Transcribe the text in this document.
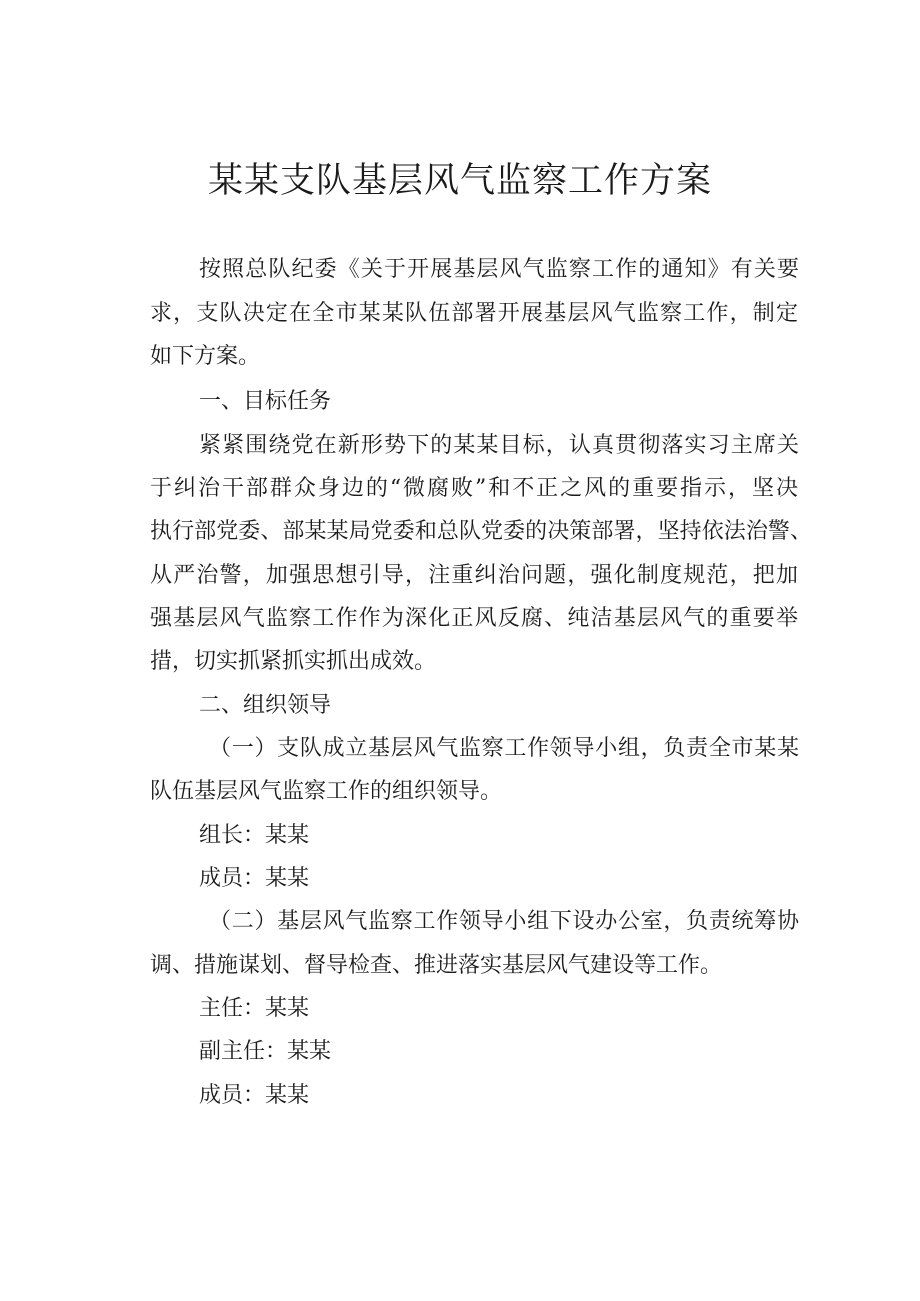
某某支队基层风气监察工作方案
按照总队纪委《关于开展基层风气监察工作的通知》有关要
求，支队决定在全市某某队伍部署开展基层风气监察工作，制定
如下方案。
一、目标任务
紧紧围绕党在新形势下的某某目标，认真贯彻落实习主席关
于纠治干部群众身边的“微腐败”和不正之风的重要指示，坚决
执行部党委、部某某局党委和总队党委的决策部署，坚持依法治警、
从严治警，加强思想引导，注重纠治问题，强化制度规范，把加
强基层风气监察工作作为深化正风反腐、纯洁基层风气的重要举
措，切实抓紧抓实抓出成效。
二、组织领导
（一）支队成立基层风气监察工作领导小组，负责全市某某
队伍基层风气监察工作的组织领导。
组长：某某
成员：某某
（二）基层风气监察工作领导小组下设办公室，负责统筹协
调、措施谋划、督导检查、推进落实基层风气建设等工作。
主任：某某
副主任：某某
成员：某某
